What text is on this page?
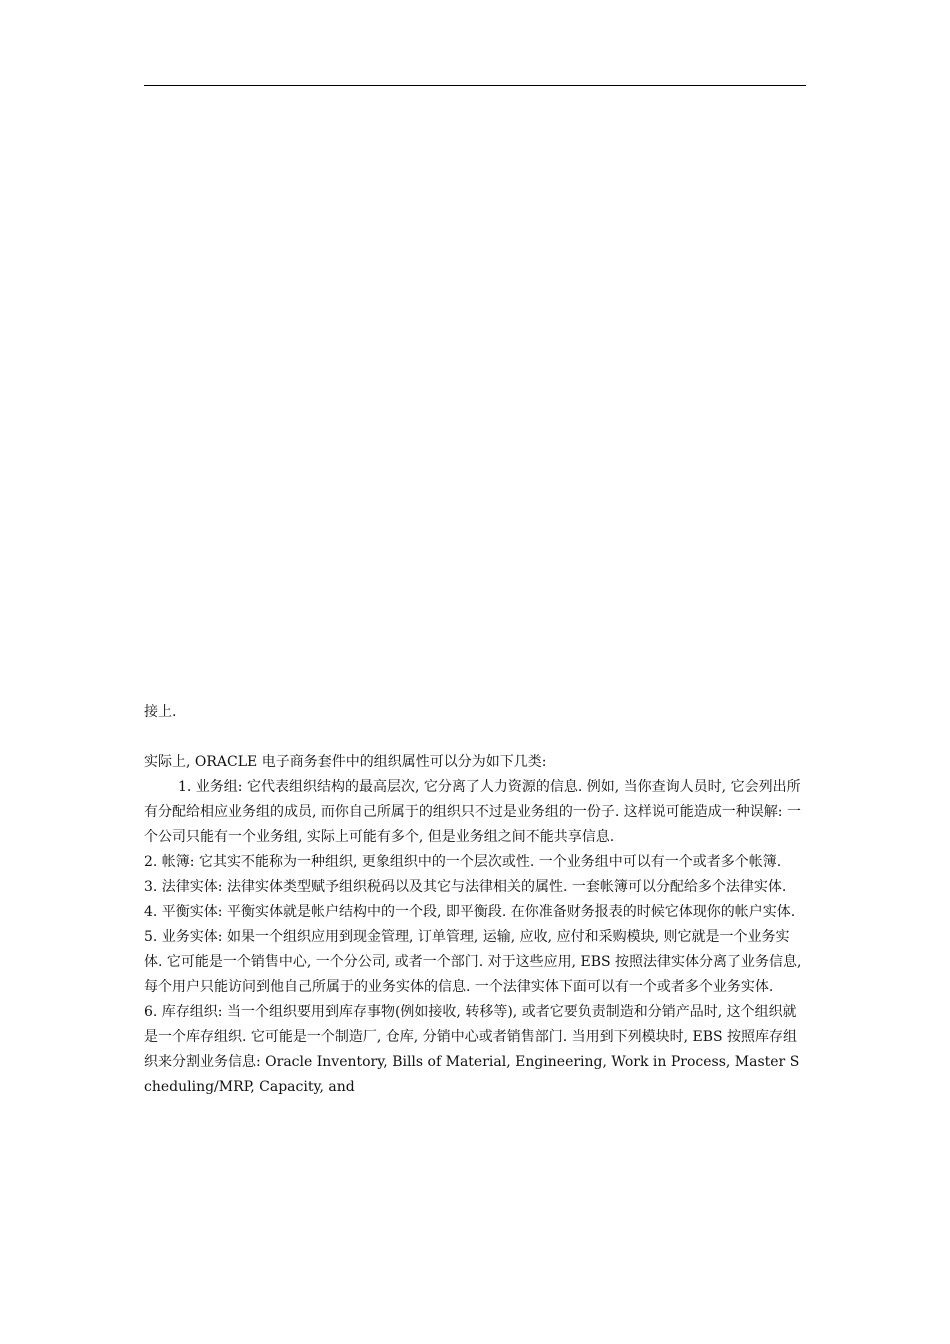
接上.

实际上, ORACLE 电子商务套件中的组织属性可以分为如下几类:

1. 业务组: 它代表组织结构的最高层次, 它分离了人力资源的信息. 例如, 当你查询人员时, 它会列出所有分配给相应业务组的成员, 而你自己所属于的组织只不过是业务组的一份子. 这样说可能造成一种误解: 一个公司只能有一个业务组, 实际上可能有多个, 但是业务组之间不能共享信息.

2. 帐簿: 它其实不能称为一种组织, 更象组织中的一个层次或性. 一个业务组中可以有一个或者多个帐簿.

3. 法律实体: 法律实体类型赋予组织税码以及其它与法律相关的属性. 一套帐簿可以分配给多个法律实体.

4. 平衡实体: 平衡实体就是帐户结构中的一个段, 即平衡段. 在你准备财务报表的时候它体现你的帐户实体.

5. 业务实体: 如果一个组织应用到现金管理, 订单管理, 运输, 应收, 应付和采购模块, 则它就是一个业务实体. 它可能是一个销售中心, 一个分公司, 或者一个部门. 对于这些应用, EBS 按照法律实体分离了业务信息, 每个用户只能访问到他自己所属于的业务实体的信息. 一个法律实体下面可以有一个或者多个业务实体.

6. 库存组织: 当一个组织要用到库存事物(例如接收, 转移等), 或者它要负责制造和分销产品时, 这个组织就是一个库存组织. 它可能是一个制造厂, 仓库, 分销中心或者销售部门. 当用到下列模块时, EBS 按照库存组织来分割业务信息: Oracle Inventory, Bills of Material, Engineering, Work in Process, Master Scheduling/MRP, Capacity, and
